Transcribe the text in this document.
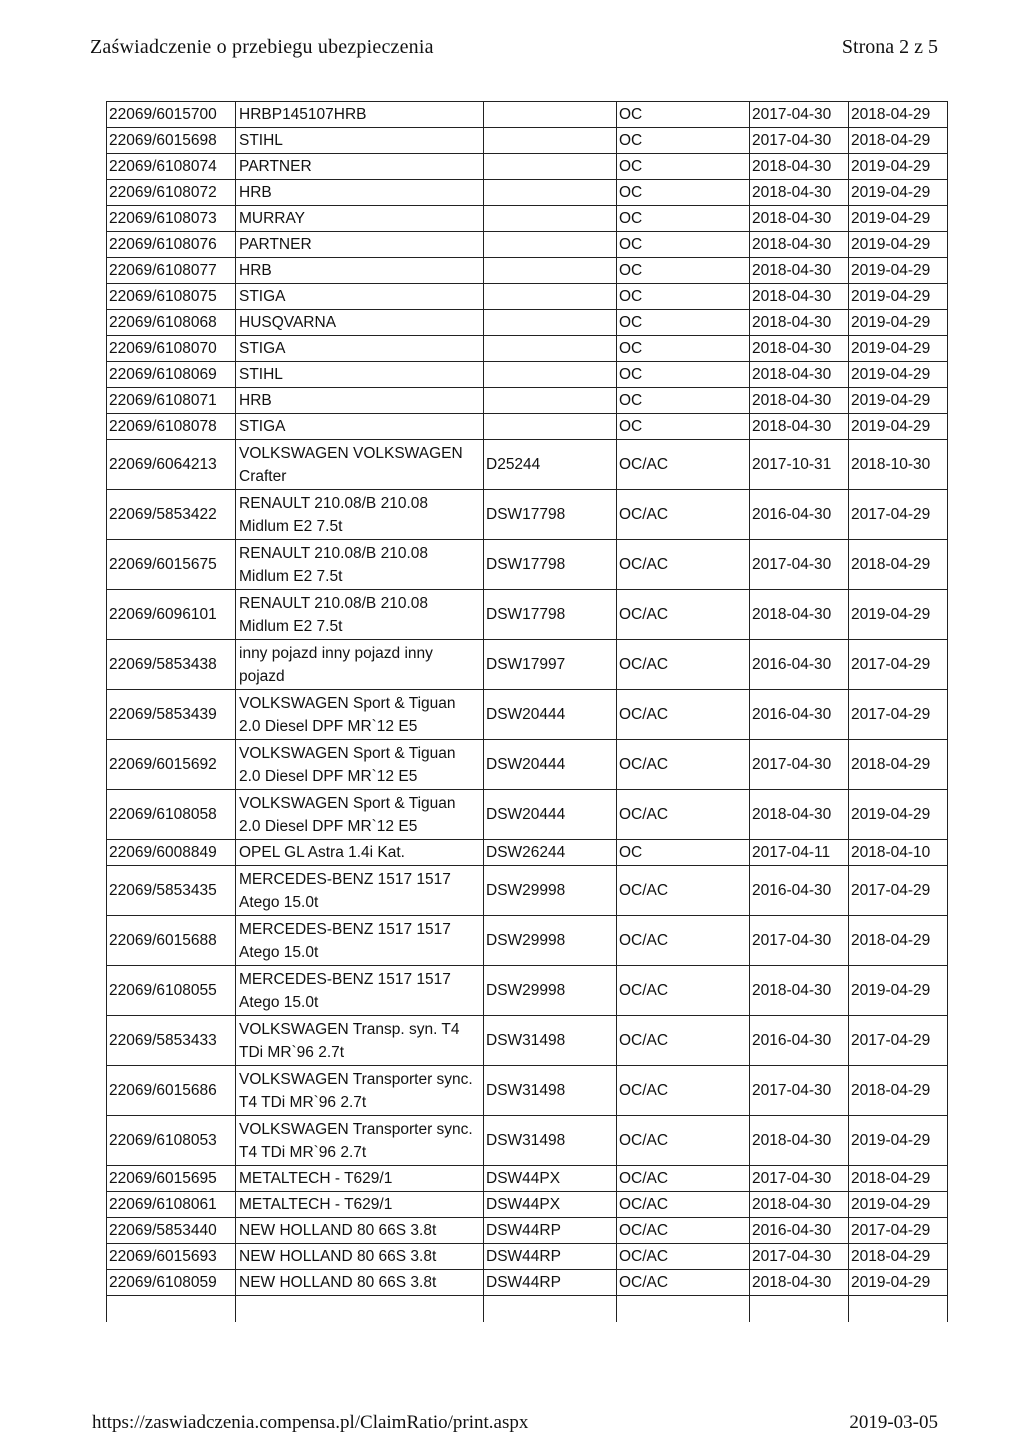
Zaświadczenie o przebiegu ubezpieczenia	Strona 2 z 5
22069/6015700	HRBP145107HRB		OC	2017-04-30	2018-04-29
22069/6015698	STIHL		OC	2017-04-30	2018-04-29
22069/6108074	PARTNER		OC	2018-04-30	2019-04-29
22069/6108072	HRB		OC	2018-04-30	2019-04-29
22069/6108073	MURRAY		OC	2018-04-30	2019-04-29
22069/6108076	PARTNER		OC	2018-04-30	2019-04-29
22069/6108077	HRB		OC	2018-04-30	2019-04-29
22069/6108075	STIGA		OC	2018-04-30	2019-04-29
22069/6108068	HUSQVARNA		OC	2018-04-30	2019-04-29
22069/6108070	STIGA		OC	2018-04-30	2019-04-29
22069/6108069	STIHL		OC	2018-04-30	2019-04-29
22069/6108071	HRB		OC	2018-04-30	2019-04-29
22069/6108078	STIGA		OC	2018-04-30	2019-04-29
22069/6064213	VOLKSWAGEN VOLKSWAGEN Crafter	D25244	OC/AC	2017-10-31	2018-10-30
22069/5853422	RENAULT 210.08/B 210.08 Midlum E2 7.5t	DSW17798	OC/AC	2016-04-30	2017-04-29
22069/6015675	RENAULT 210.08/B 210.08 Midlum E2 7.5t	DSW17798	OC/AC	2017-04-30	2018-04-29
22069/6096101	RENAULT 210.08/B 210.08 Midlum E2 7.5t	DSW17798	OC/AC	2018-04-30	2019-04-29
22069/5853438	inny pojazd inny pojazd inny pojazd	DSW17997	OC/AC	2016-04-30	2017-04-29
22069/5853439	VOLKSWAGEN Sport & Tiguan 2.0 Diesel DPF MR`12 E5	DSW20444	OC/AC	2016-04-30	2017-04-29
22069/6015692	VOLKSWAGEN Sport & Tiguan 2.0 Diesel DPF MR`12 E5	DSW20444	OC/AC	2017-04-30	2018-04-29
22069/6108058	VOLKSWAGEN Sport & Tiguan 2.0 Diesel DPF MR`12 E5	DSW20444	OC/AC	2018-04-30	2019-04-29
22069/6008849	OPEL GL Astra 1.4i Kat.	DSW26244	OC	2017-04-11	2018-04-10
22069/5853435	MERCEDES-BENZ 1517 1517 Atego 15.0t	DSW29998	OC/AC	2016-04-30	2017-04-29
22069/6015688	MERCEDES-BENZ 1517 1517 Atego 15.0t	DSW29998	OC/AC	2017-04-30	2018-04-29
22069/6108055	MERCEDES-BENZ 1517 1517 Atego 15.0t	DSW29998	OC/AC	2018-04-30	2019-04-29
22069/5853433	VOLKSWAGEN Transp. syn. T4 TDi MR`96 2.7t	DSW31498	OC/AC	2016-04-30	2017-04-29
22069/6015686	VOLKSWAGEN Transporter sync. T4 TDi MR`96 2.7t	DSW31498	OC/AC	2017-04-30	2018-04-29
22069/6108053	VOLKSWAGEN Transporter sync. T4 TDi MR`96 2.7t	DSW31498	OC/AC	2018-04-30	2019-04-29
22069/6015695	METALTECH - T629/1	DSW44PX	OC/AC	2017-04-30	2018-04-29
22069/6108061	METALTECH - T629/1	DSW44PX	OC/AC	2018-04-30	2019-04-29
22069/5853440	NEW HOLLAND 80 66S 3.8t	DSW44RP	OC/AC	2016-04-30	2017-04-29
22069/6015693	NEW HOLLAND 80 66S 3.8t	DSW44RP	OC/AC	2017-04-30	2018-04-29
22069/6108059	NEW HOLLAND 80 66S 3.8t	DSW44RP	OC/AC	2018-04-30	2019-04-29

https://zaswiadczenia.compensa.pl/ClaimRatio/print.aspx	2019-03-05
